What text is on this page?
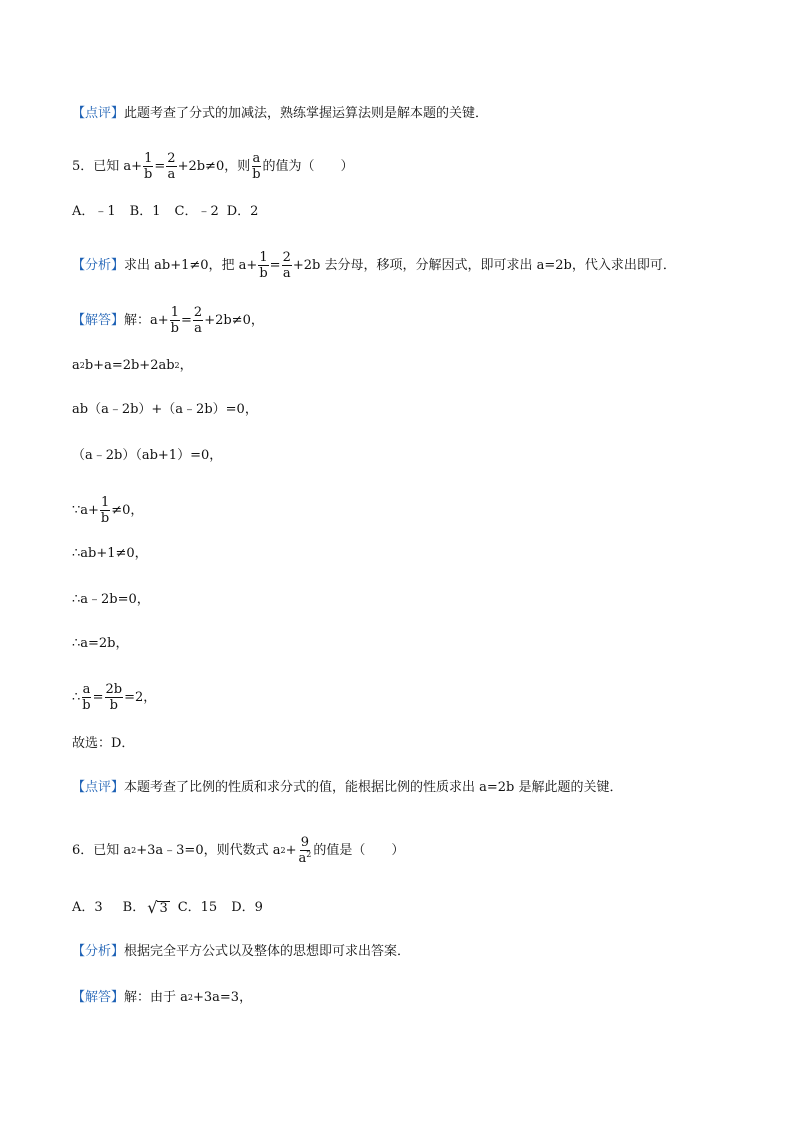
【点评】 此题考查了分式的加减法，熟练掌握运算法则是解本题的关键．
5．已知 $a+ \frac{1}{b} = \frac{2}{a} +2b\ne 0$，则 $\frac{a}{b}$ 的值为（　　）
A．﹣1 B．1 C．﹣2 D．2
【分析】 求出 ab+1≠0，把 $a+ \frac{1}{b} = \frac{2}{a} +2b$ 去分母，移项，分解因式，即可求出 a=2b，代入求出即可．
【解答】 解：$a+ \frac{1}{b} = \frac{2}{a} +2b\ne 0$，
a 2 b+a=2b+2ab 2 ，
ab（a﹣2b）+（a﹣2b）=0，
（a﹣2b）（ab+1）=0，
∵a+ $\frac{1}{b} \ne 0$，
∴ab+1≠0，
∴a﹣2b=0，
∴a=2b，
∴ $\frac{a}{b} = \frac{2b}{b} =2$，
故选：D．
【点评】 本题考查了比例的性质和求分式的值，能根据比例的性质求出 a=2b 是解此题的关键．
6．已知 a 2 +3a﹣3=0，则代数式 a $2 + \frac{9}{a^2}$ 的值是（　　）
A．3 B． √ 3 C．15 D．9
【分析】 根据完全平方公式以及整体的思想即可求出答案．
【解答】 解：由于 a 2 +3a=3，
